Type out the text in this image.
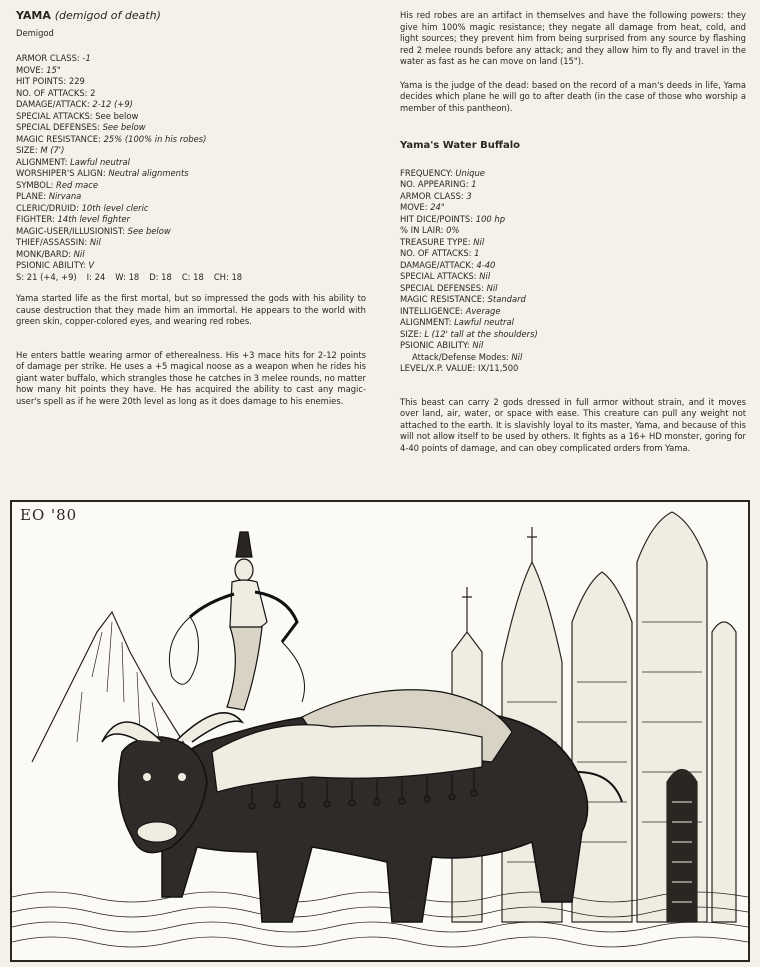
YAMA (demigod of death)

Demigod

ARMOR CLASS: -1

MOVE: 15"

HIT POINTS: 229

NO. OF ATTACKS: 2

DAMAGE/ATTACK: 2-12 (+9)

SPECIAL ATTACKS: See below

SPECIAL DEFENSES: See below

MAGIC RESISTANCE: 25% (100% in his robes)

SIZE: M (7')

ALIGNMENT: Lawful neutral

WORSHIPER'S ALIGN: Neutral alignments

SYMBOL: Red mace

PLANE: Nirvana

CLERIC/DRUID: 10th level cleric

FIGHTER: 14th level fighter

MAGIC-USER/ILLUSIONIST: See below

THIEF/ASSASSIN: Nil

MONK/BARD: Nil

PSIONIC ABILITY: V

S: 21 (+4, +9) I: 24 W: 18 D: 18 C: 18 CH: 18

Yama started life as the first mortal, but so impressed the gods with his ability to cause destruction that they made him an immortal. He appears to the world with green skin, copper-colored eyes, and wearing red robes.

He enters battle wearing armor of etherealness. His +3 mace hits for 2-12 points of damage per strike. He uses a +5 magical noose as a weapon when he rides his giant water buffalo, which strangles those he catches in 3 melee rounds, no matter how many hit points they have. He has acquired the ability to cast any magic-user's spell as if he were 20th level as long as it does damage to his enemies.

His red robes are an artifact in themselves and have the following powers: they give him 100% magic resistance; they negate all damage from heat, cold, and light sources; they prevent him from being surprised from any source by flashing red 2 melee rounds before any attack; and they allow him to fly and travel in the water as fast as he can move on land (15").

Yama is the judge of the dead: based on the record of a man's deeds in life, Yama decides which plane he will go to after death (in the case of those who worship a member of this pantheon).

Yama's Water Buffalo

FREQUENCY: Unique

NO. APPEARING: 1

ARMOR CLASS: 3

MOVE: 24"

HIT DICE/POINTS: 100 hp

% IN LAIR: 0%

TREASURE TYPE: Nil

NO. OF ATTACKS: 1

DAMAGE/ATTACK: 4-40

SPECIAL ATTACKS: Nil

SPECIAL DEFENSES: Nil

MAGIC RESISTANCE: Standard

INTELLIGENCE: Average

ALIGNMENT: Lawful neutral

SIZE: L (12' tall at the shoulders)

PSIONIC ABILITY: Nil

Attack/Defense Modes: Nil

LEVEL/X.P. VALUE: IX/11,500

This beast can carry 2 gods dressed in full armor without strain, and it moves over land, air, water, or space with ease. This creature can pull any weight not attached to the earth. It is slavishly loyal to its master, Yama, and because of this will not allow itself to be used by others. It fights as a 16+ HD monster, goring for 4-40 points of damage, and can obey complicated orders from Yama.

EO '80
